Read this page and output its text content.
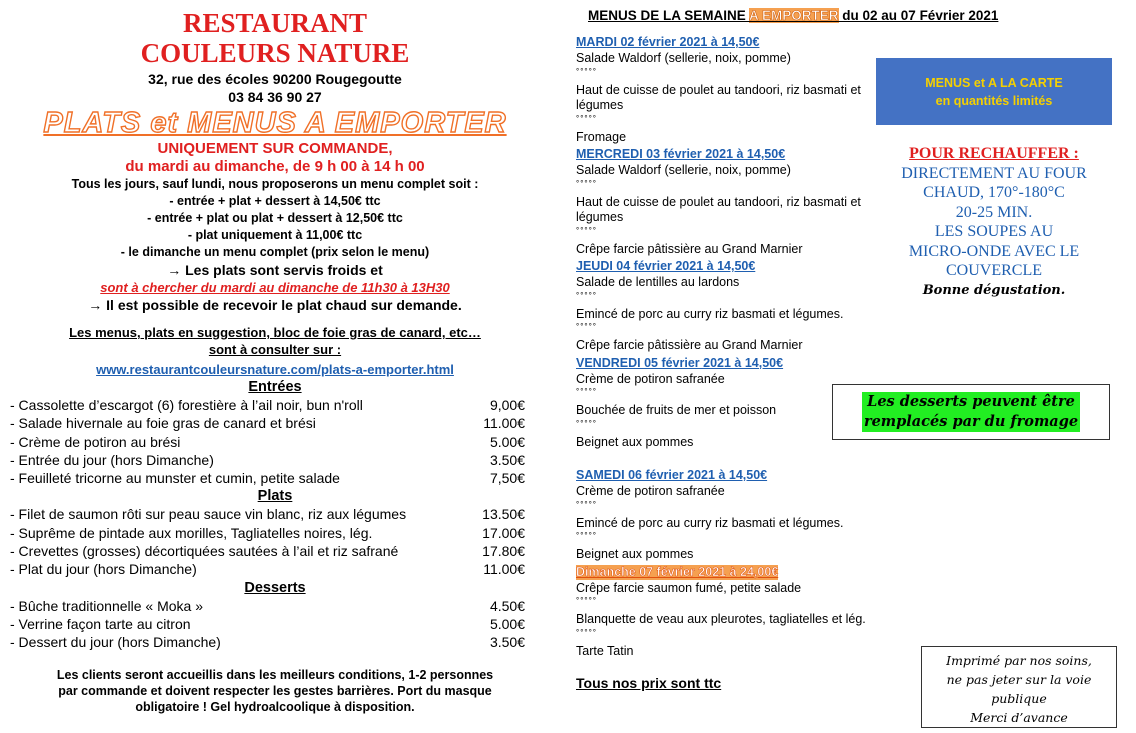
RESTAURANT
COULEURS NATURE
32, rue des écoles 90200 Rougegoutte
03 84 36 90 27
PLATS et MENUS A EMPORTER
UNIQUEMENT SUR COMMANDE,
du mardi au dimanche, de 9 h 00 à 14 h 00
Tous les jours, sauf lundi, nous proposerons un menu complet soit :
- entrée + plat + dessert à 14,50€ ttc
- entrée + plat ou plat + dessert à 12,50€ ttc
- plat uniquement à 11,00€ ttc
- le dimanche un menu complet (prix selon le menu)
→ Les plats sont servis froids et
sont à chercher du mardi au dimanche de 11h30 à 13H30
→ Il est possible de recevoir le plat chaud sur demande.
Les menus, plats en suggestion, bloc de foie gras de canard, etc…
sont à consulter sur :
www.restaurantcouleursnature.com/plats-a-emporter.html
Entrées
- Cassolette d’escargot (6) forestière à l’ail noir, bun n'roll	9,00€
- Salade hivernale au foie gras de canard et brési	11.00€
- Crème de potiron au brési	5.00€
- Entrée du jour (hors Dimanche)	3.50€
- Feuilleté tricorne au munster et cumin, petite salade	7,50€
Plats
- Filet de saumon rôti sur peau sauce vin blanc, riz aux légumes	13.50€
- Suprême de pintade aux morilles, Tagliatelles noires, lég.	17.00€
- Crevettes (grosses) décortiquées sautées à l’ail et riz safrané	17.80€
- Plat du jour (hors Dimanche)	11.00€
Desserts
- Bûche traditionnelle « Moka »	4.50€
- Verrine façon tarte au citron	5.00€
- Dessert du jour (hors Dimanche)	3.50€
Les clients seront accueillis dans les meilleurs conditions, 1-2 personnes
par commande et doivent respecter les gestes barrières. Port du masque
obligatoire ! Gel hydroalcoolique à disposition.
MENUS DE LA SEMAINE A EMPORTER du 02 au 07 Février 2021
MARDI 02 février 2021 à 14,50€
Salade Waldorf (sellerie, noix, pomme)
°°°°°
Haut de cuisse de poulet au tandoori, riz basmati et légumes
°°°°°
Fromage
MERCREDI 03 février 2021 à 14,50€
Salade Waldorf (sellerie, noix, pomme)
°°°°°
Haut de cuisse de poulet au tandoori, riz basmati et légumes
°°°°°
Crêpe farcie pâtissière au Grand Marnier
JEUDI 04 février 2021 à 14,50€
Salade de lentilles au lardons
°°°°°
Emincé de porc au curry riz basmati et légumes.
°°°°°
Crêpe farcie pâtissière au Grand Marnier
VENDREDI 05 février 2021 à 14,50€
Crème de potiron safranée
°°°°°
Bouchée de fruits de mer et poisson
°°°°°
Beignet aux pommes
SAMEDI 06 février 2021 à 14,50€
Crème de potiron safranée
°°°°°
Emincé de porc au curry riz basmati et légumes.
°°°°°
Beignet aux pommes
Dimanche 07 février 2021 à 24,00€
Crêpe farcie saumon fumé, petite salade
°°°°°
Blanquette de veau aux pleurotes, tagliatelles et lég.
°°°°°
Tarte Tatin
Tous nos prix sont ttc
MENUS et A LA CARTE
en quantités limités
POUR RECHAUFFER :
DIRECTEMENT AU FOUR
CHAUD, 170°-180°C
20-25 MIN.
LES SOUPES AU
MICRO-ONDE AVEC LE
COUVERCLE
Bonne dégustation.
Les desserts peuvent être
remplacés par du fromage
Imprimé par nos soins,
ne pas jeter sur la voie
publique
Merci d’avance
